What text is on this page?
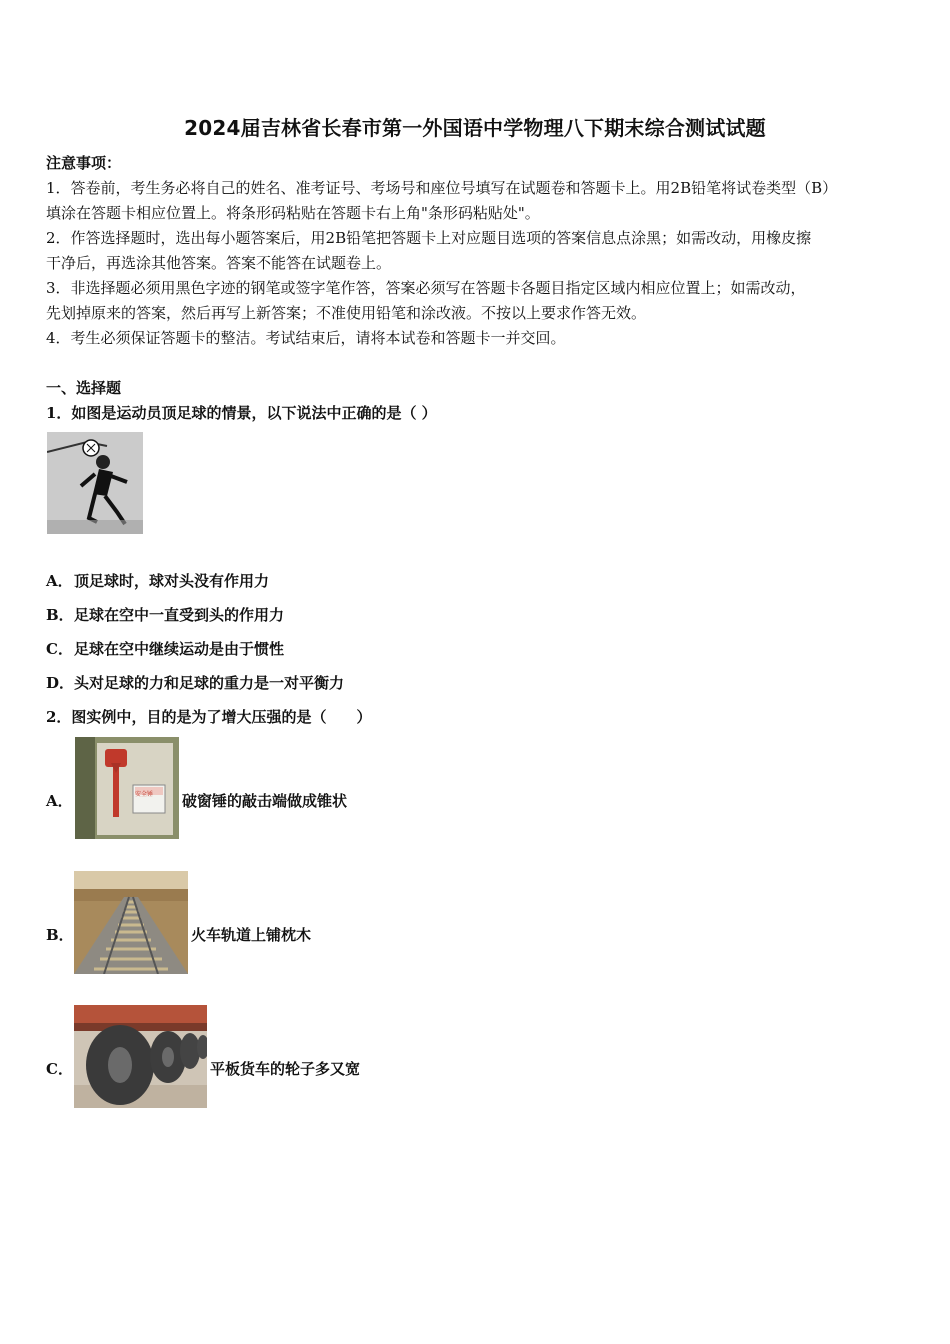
2024届吉林省长春市第一外国语中学物理八下期末综合测试试题
注意事项：
1．答卷前，考生务必将自己的姓名、准考证号、考场号和座位号填写在试题卷和答题卡上。用2B铅笔将试卷类型（B）
填涂在答题卡相应位置上。将条形码粘贴在答题卡右上角"条形码粘贴处"。
2．作答选择题时，选出每小题答案后，用2B铅笔把答题卡上对应题目选项的答案信息点涂黑；如需改动，用橡皮擦
干净后，再选涂其他答案。答案不能答在试题卷上。
3．非选择题必须用黑色字迹的钢笔或签字笔作答，答案必须写在答题卡各题目指定区域内相应位置上；如需改动，
先划掉原来的答案，然后再写上新答案；不准使用铅笔和涂改液。不按以上要求作答无效。
4．考生必须保证答题卡的整洁。考试结束后，请将本试卷和答题卡一并交回。
一、选择题
1．如图是运动员顶足球的情景，以下说法中正确的是（ ）
A． 顶足球时，球对头没有作用力
B． 足球在空中一直受到头的作用力
C． 足球在空中继续运动是由于惯性
D． 头对足球的力和足球的重力是一对平衡力
2．图实例中，目的是为了增大压强的是（　　）
A．	安全锤 破窗锤的敲击端做成锥状
B．	火车轨道上铺枕木
C．	平板货车的轮子多又宽
